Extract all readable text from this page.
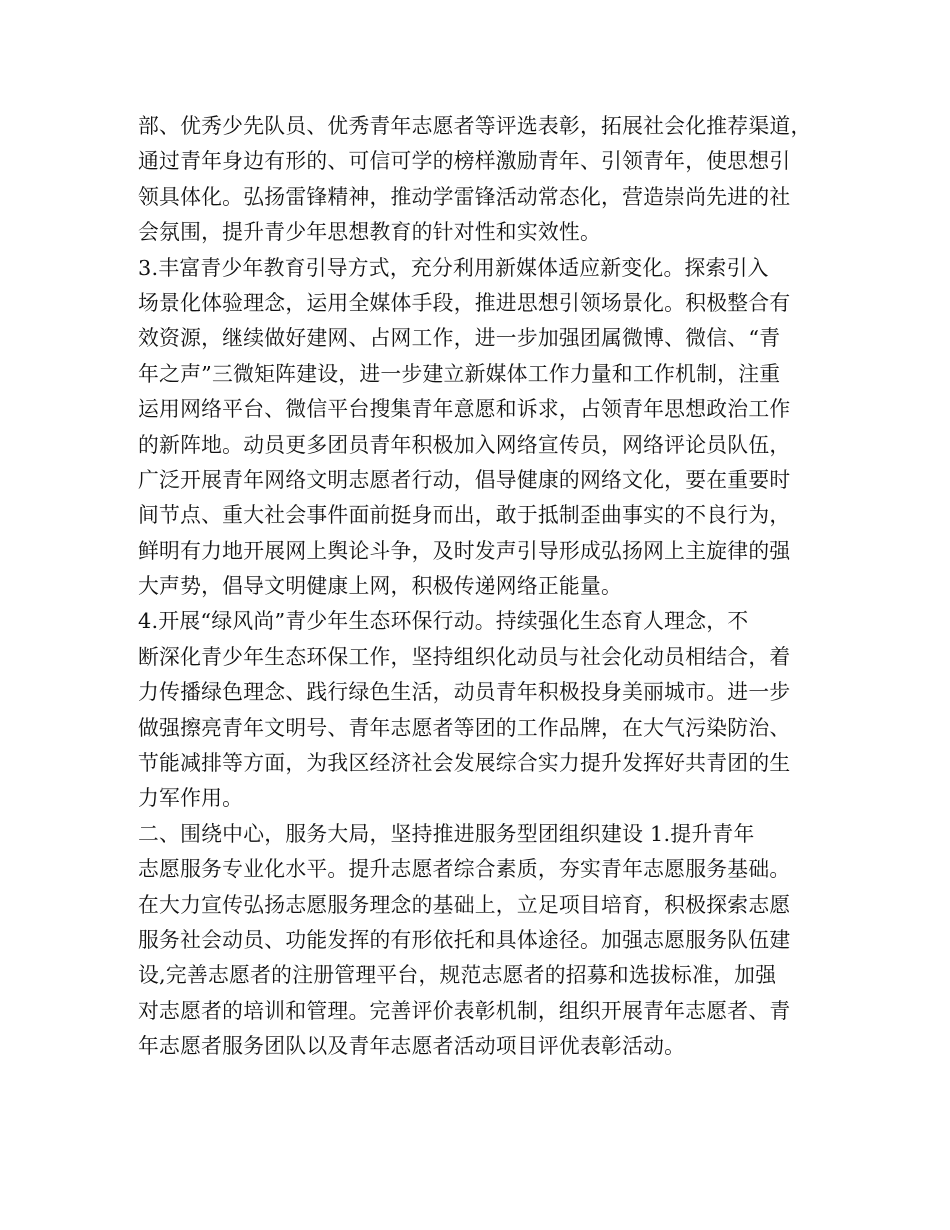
部、优秀少先队员、优秀青年志愿者等评选表彰，拓展社会化推荐渠道，
通过青年身边有形的、可信可学的榜样激励青年、引领青年，使思想引
领具体化。弘扬雷锋精神，推动学雷锋活动常态化，营造崇尚先进的社
会氛围，提升青少年思想教育的针对性和实效性。
3.丰富青少年教育引导方式，充分利用新媒体适应新变化。探索引入
场景化体验理念，运用全媒体手段，推进思想引领场景化。积极整合有
效资源，继续做好建网、占网工作，进一步加强团属微博、微信、“青
年之声”三微矩阵建设，进一步建立新媒体工作力量和工作机制，注重
运用网络平台、微信平台搜集青年意愿和诉求，占领青年思想政治工作
的新阵地。动员更多团员青年积极加入网络宣传员，网络评论员队伍，
广泛开展青年网络文明志愿者行动，倡导健康的网络文化，要在重要时
间节点、重大社会事件面前挺身而出，敢于抵制歪曲事实的不良行为，
鲜明有力地开展网上舆论斗争，及时发声引导形成弘扬网上主旋律的强
大声势，倡导文明健康上网，积极传递网络正能量。
4.开展“绿风尚”青少年生态环保行动。持续强化生态育人理念，不
断深化青少年生态环保工作，坚持组织化动员与社会化动员相结合，着
力传播绿色理念、践行绿色生活，动员青年积极投身美丽城市。进一步
做强擦亮青年文明号、青年志愿者等团的工作品牌，在大气污染防治、
节能减排等方面，为我区经济社会发展综合实力提升发挥好共青团的生
力军作用。
二、围绕中心，服务大局，坚持推进服务型团组织建设 1.提升青年
志愿服务专业化水平。提升志愿者综合素质，夯实青年志愿服务基础。
在大力宣传弘扬志愿服务理念的基础上，立足项目培育，积极探索志愿
服务社会动员、功能发挥的有形依托和具体途径。加强志愿服务队伍建
设,完善志愿者的注册管理平台，规范志愿者的招募和选拔标准，加强
对志愿者的培训和管理。完善评价表彰机制，组织开展青年志愿者、青
年志愿者服务团队以及青年志愿者活动项目评优表彰活动。
